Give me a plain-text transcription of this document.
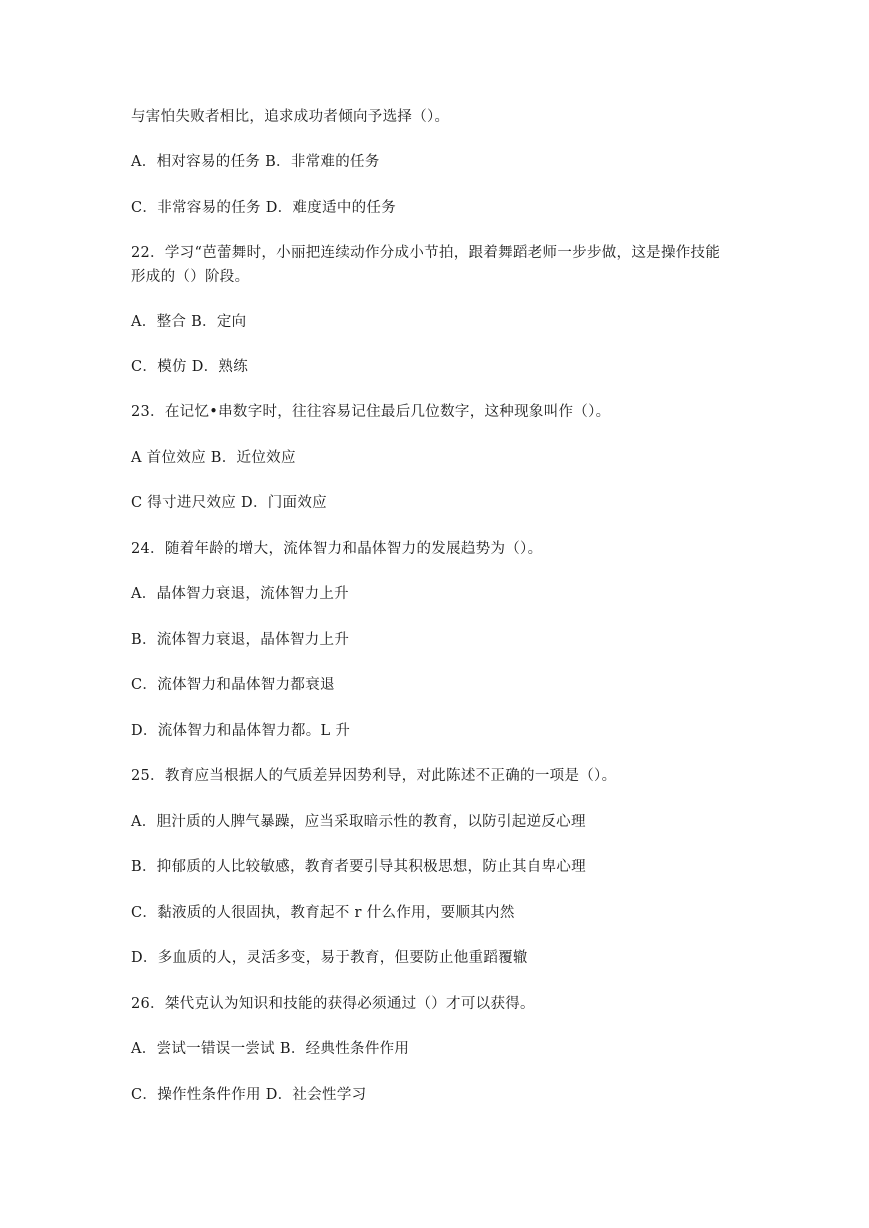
与害怕失败者相比，追求成功者倾向予选择（）。
A．相对容易的任务 B．非常难的任务
C．非常容易的任务 D．难度适中的任务
22．学习“芭蕾舞时，小丽把连续动作分成小节拍，跟着舞蹈老师一步步做，这是操作技能
形成的（）阶段。
A．整合 B．定向
C．模仿 D．熟练
23．在记忆•串数字时，往往容易记住最后几位数字，这种现象叫作（）。
A 首位效应 B．近位效应
C 得寸进尺效应 D．门面效应
24．随着年龄的增大，流体智力和晶体智力的发展趋势为（）。
A．晶体智力衰退，流体智力上升
B．流体智力衰退，晶体智力上升
C．流体智力和晶体智力都衰退
D．流体智力和晶体智力都。L 升
25．教育应当根据人的气质差异因势利导，对此陈述不正确的一项是（）。
A．胆汁质的人脾气暴躁，应当采取暗示性的教育，以防引起逆反心理
B．抑郁质的人比较敏感，教育者要引导其积极思想，防止其自卑心理
C．黏液质的人很固执，教育起不 r 什么作用，要顺其内然
D．多血质的人，灵活多变，易于教育，但要防止他重蹈覆辙
26．桀代克认为知识和技能的获得必须通过（）才可以获得。
A．尝试一错误一尝试 B．经典性条件作用
C．操作性条件作用 D．社会性学习
